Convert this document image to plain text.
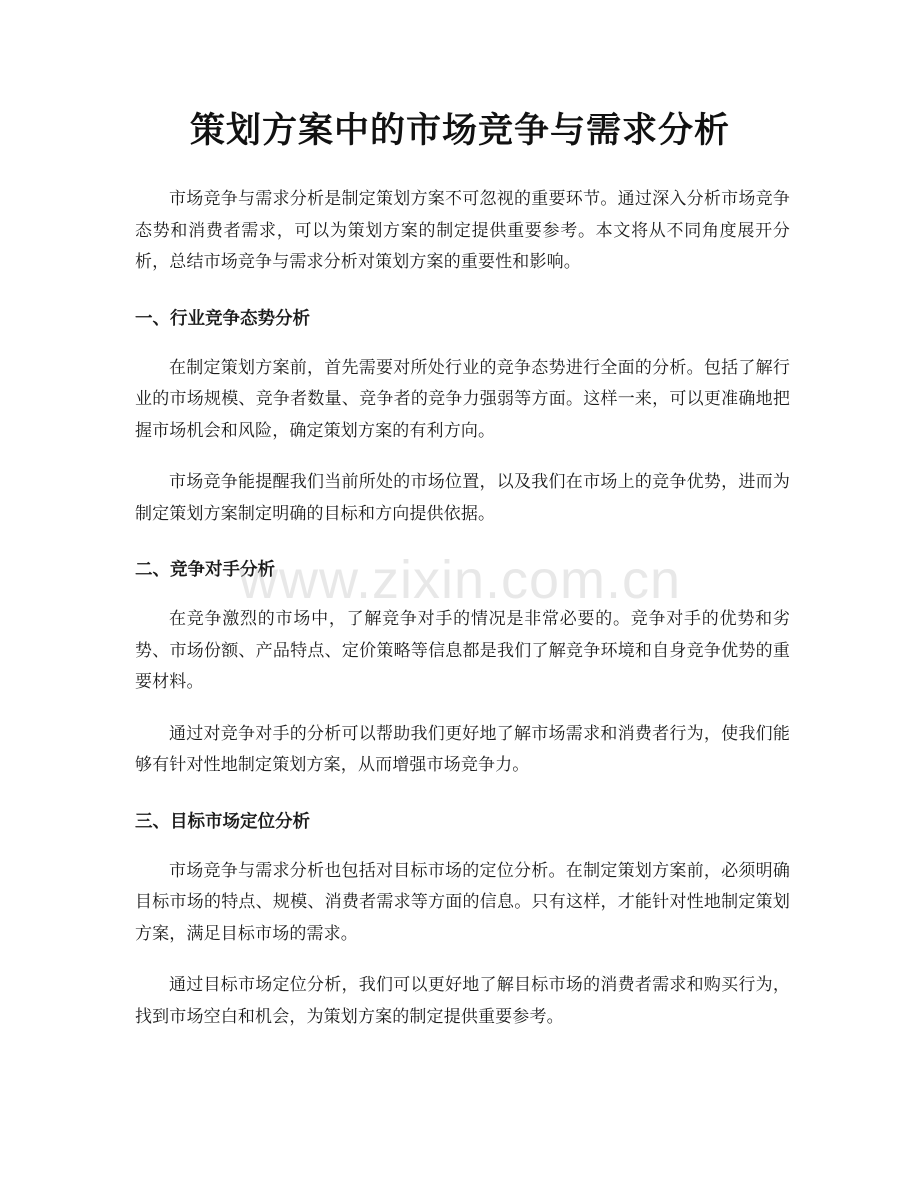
策划方案中的市场竞争与需求分析

市场竞争与需求分析是制定策划方案不可忽视的重要环节。通过深入分析市场竞争态势和消费者需求，可以为策划方案的制定提供重要参考。本文将从不同角度展开分析，总结市场竞争与需求分析对策划方案的重要性和影响。

一、行业竞争态势分析

在制定策划方案前，首先需要对所处行业的竞争态势进行全面的分析。包括了解行业的市场规模、竞争者数量、竞争者的竞争力强弱等方面。这样一来，可以更准确地把握市场机会和风险，确定策划方案的有利方向。

市场竞争能提醒我们当前所处的市场位置，以及我们在市场上的竞争优势，进而为制定策划方案制定明确的目标和方向提供依据。

二、竞争对手分析

在竞争激烈的市场中，了解竞争对手的情况是非常必要的。竞争对手的优势和劣势、市场份额、产品特点、定价策略等信息都是我们了解竞争环境和自身竞争优势的重要材料。

通过对竞争对手的分析可以帮助我们更好地了解市场需求和消费者行为，使我们能够有针对性地制定策划方案，从而增强市场竞争力。

三、目标市场定位分析

市场竞争与需求分析也包括对目标市场的定位分析。在制定策划方案前，必须明确目标市场的特点、规模、消费者需求等方面的信息。只有这样，才能针对性地制定策划方案，满足目标市场的需求。

通过目标市场定位分析，我们可以更好地了解目标市场的消费者需求和购买行为，找到市场空白和机会，为策划方案的制定提供重要参考。

www.zixin.com.cn
